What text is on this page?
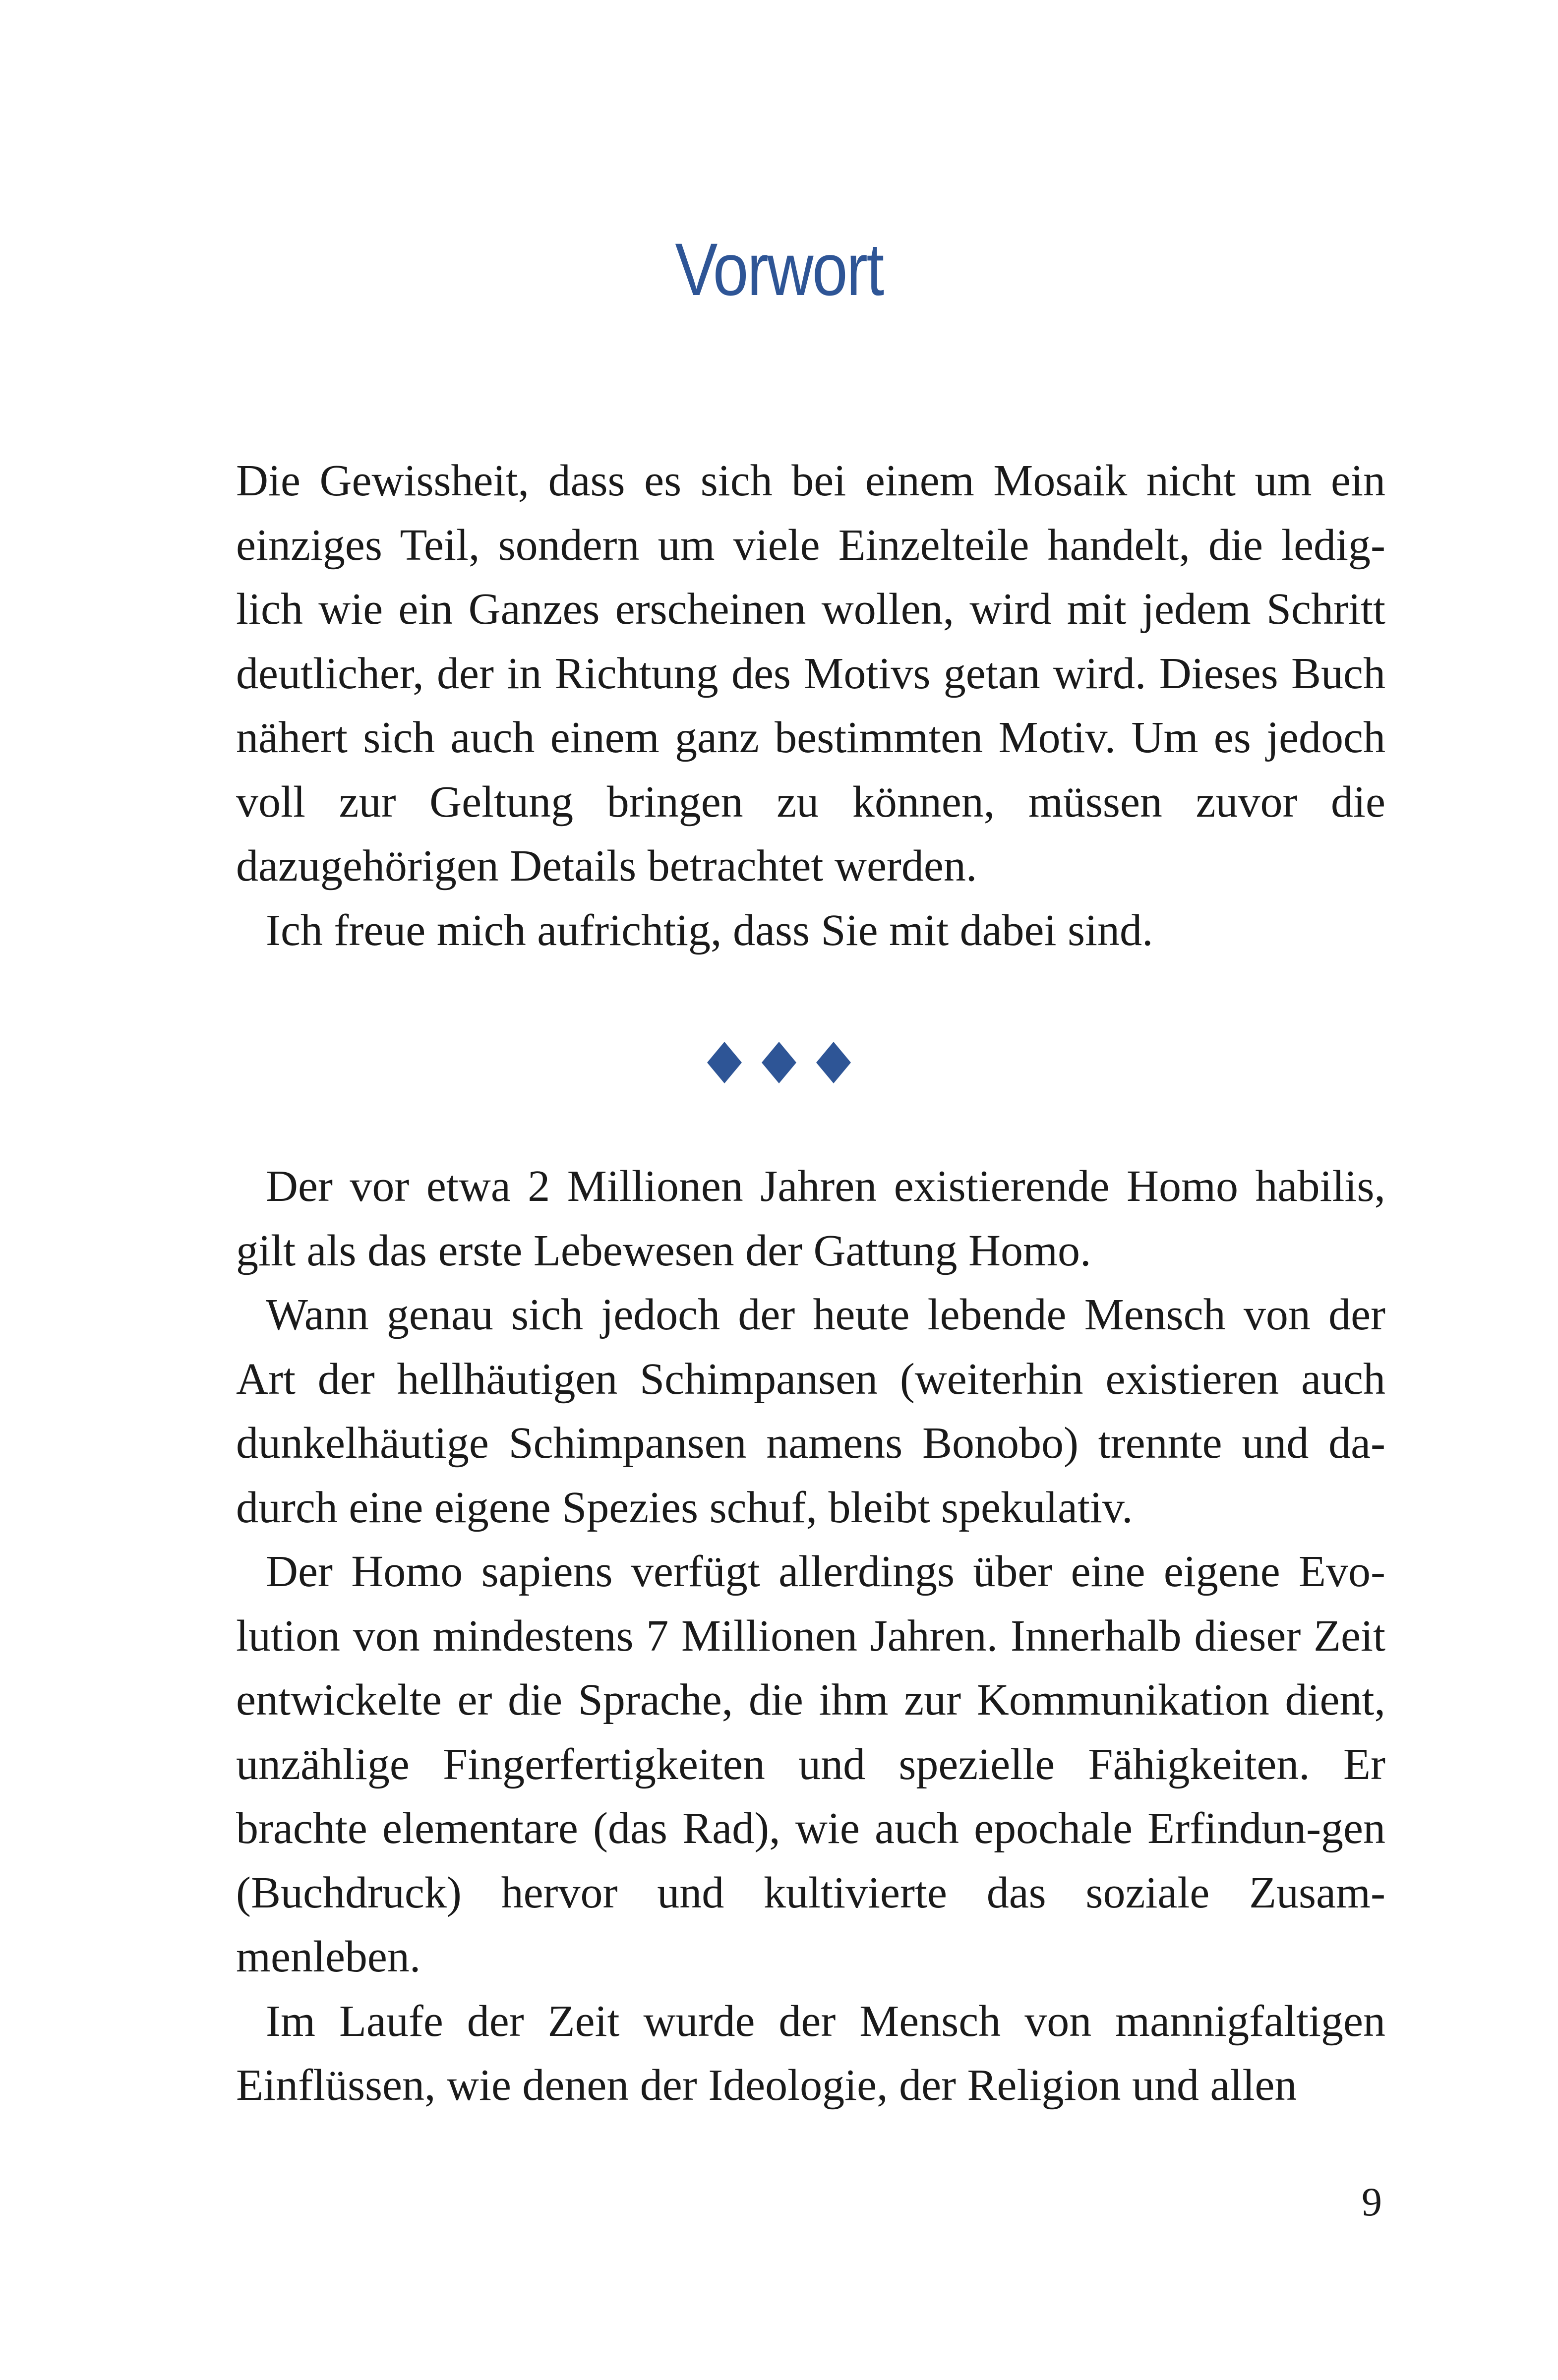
Vorwort

Die Gewissheit, dass es sich bei einem Mosaik nicht um ein einziges Teil, sondern um viele Einzelteile handelt, die ledig-lich wie ein Ganzes erscheinen wollen, wird mit jedem Schritt deutlicher, der in Richtung des Motivs getan wird. Dieses Buch nähert sich auch einem ganz bestimmten Motiv. Um es jedoch voll zur Geltung bringen zu können, müssen zuvor die dazugehörigen Details betrachtet werden.

Ich freue mich aufrichtig, dass Sie mit dabei sind.

Der vor etwa 2 Millionen Jahren existierende Homo habilis, gilt als das erste Lebewesen der Gattung Homo.

Wann genau sich jedoch der heute lebende Mensch von der Art der hellhäutigen Schimpansen (weiterhin existieren auch dunkelhäutige Schimpansen namens Bonobo) trennte und da-durch eine eigene Spezies schuf, bleibt spekulativ.

Der Homo sapiens verfügt allerdings über eine eigene Evo-lution von mindestens 7 Millionen Jahren. Innerhalb dieser Zeit entwickelte er die Sprache, die ihm zur Kommunikation dient, unzählige Fingerfertigkeiten und spezielle Fähigkeiten. Er brachte elementare (das Rad), wie auch epochale Erfindun-gen (Buchdruck) hervor und kultivierte das soziale Zusam-menleben.

Im Laufe der Zeit wurde der Mensch von mannigfaltigen Einflüssen, wie denen der Ideologie, der Religion und allen

9
